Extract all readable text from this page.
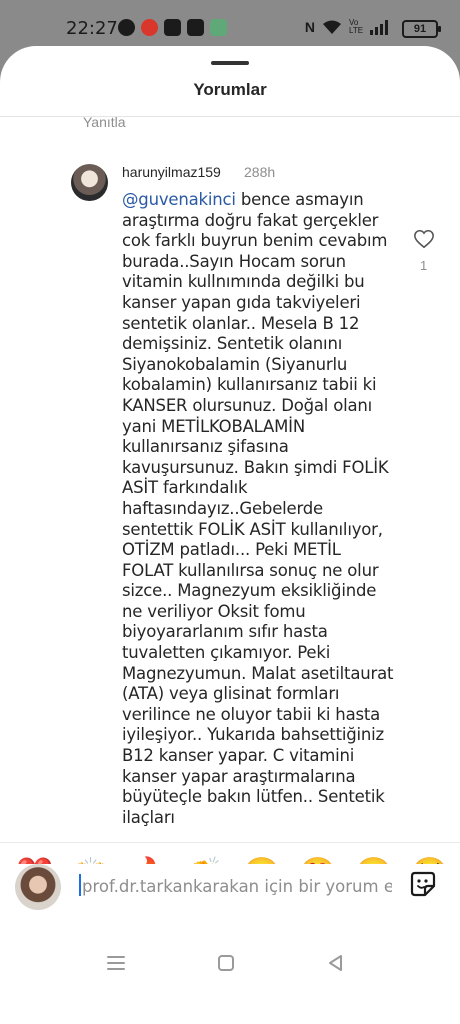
22:27	N	Vo LTE	91
Yorumlar
Yanıtla
harunyilmaz159 288h
@guvenakinci bence asmayın araştırma doğru fakat gerçekler cok farklı buyrun benim cevabım burada..Sayın Hocam sorun vitamin kullnımında değilki bu kanser yapan gıda takviyeleri sentetik olanlar.. Mesela B 12 demişsiniz. Sentetik olanını Siyanokobalamin (Siyanurlu kobalamin) kullanırsanız tabii ki KANSER olursunuz. Doğal olanı yani METİLKOBALAMİN kullanırsanız şifasına kavuşursunuz. Bakın şimdi FOLİK ASİT farkındalık haftasındayız..Gebelerde sentettik FOLİK ASİT kullanılıyor, OTİZM patladı... Peki METİL FOLAT kullanılırsa sonuç ne olur sizce.. Magnezyum eksikliğinde ne veriliyor Oksit fomu biyoyararlanım sıfır hasta tuvaletten çıkamıyor. Peki Magnezyumun. Malat asetiltaurat (ATA) veya glisinat formları verilince ne oluyor tabii ki hasta iyileşiyor.. Yukarıda bahsettiğiniz B12 kanser yapar. C vitamini kanser yapar araştırmalarına büyüteçle bakın lütfen.. Sentetik ilaçları
1
prof.dr.tarkankarakan için bir yorum ekle...
